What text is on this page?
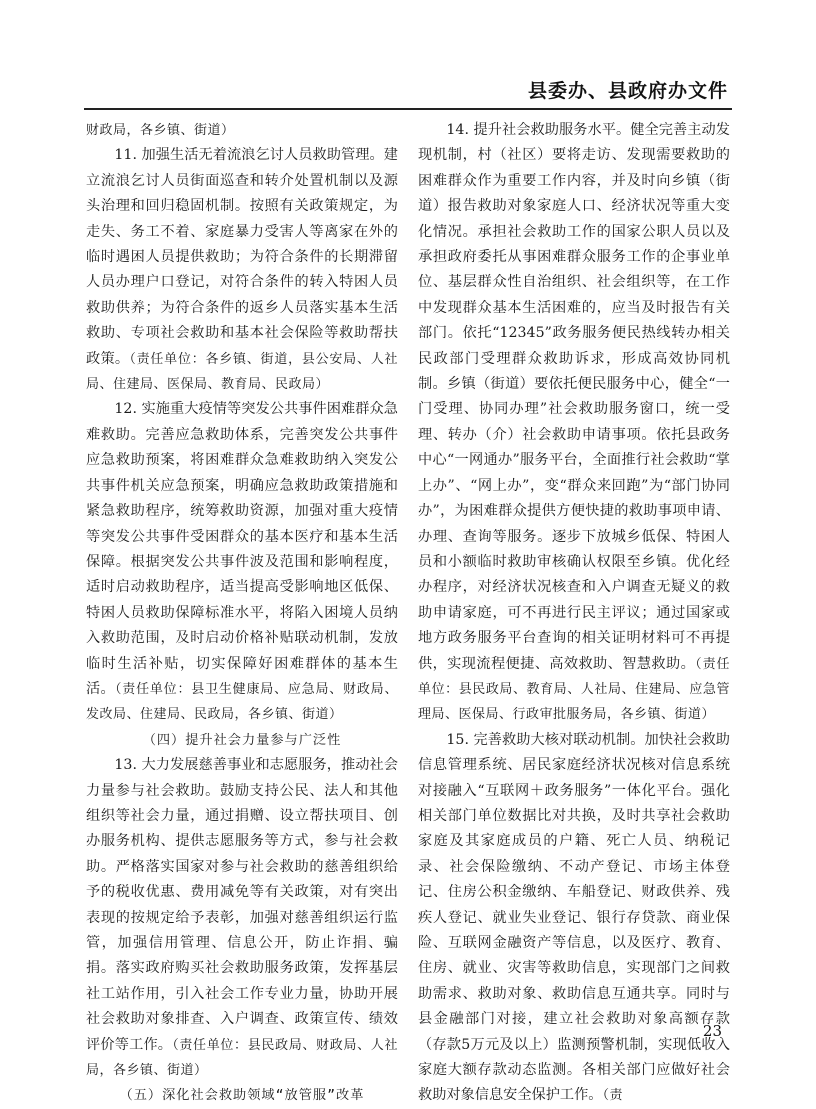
县委办、县政府办文件

财政局，各乡镇、街道）

11. 加强生活无着流浪乞讨人员救助管理。建立流浪乞讨人员街面巡查和转介处置机制以及源头治理和回归稳固机制。按照有关政策规定，为走失、务工不着、家庭暴力受害人等离家在外的临时遇困人员提供救助；为符合条件的长期滞留人员办理户口登记，对符合条件的转入特困人员救助供养；为符合条件的返乡人员落实基本生活救助、专项社会救助和基本社会保险等救助帮扶政策。（责任单位：各乡镇、街道，县公安局、人社局、住建局、医保局、教育局、民政局）

12. 实施重大疫情等突发公共事件困难群众急难救助。完善应急救助体系，完善突发公共事件应急救助预案，将困难群众急难救助纳入突发公共事件机关应急预案，明确应急救助政策措施和紧急救助程序，统筹救助资源，加强对重大疫情等突发公共事件受困群众的基本医疗和基本生活保障。根据突发公共事件波及范围和影响程度，适时启动救助程序，适当提高受影响地区低保、特困人员救助保障标准水平，将陷入困境人员纳入救助范围，及时启动价格补贴联动机制，发放临时生活补贴，切实保障好困难群体的基本生活。（责任单位：县卫生健康局、应急局、财政局、发改局、住建局、民政局，各乡镇、街道）

（四）提升社会力量参与广泛性

13. 大力发展慈善事业和志愿服务，推动社会力量参与社会救助。鼓励支持公民、法人和其他组织等社会力量，通过捐赠、设立帮扶项目、创办服务机构、提供志愿服务等方式，参与社会救助。严格落实国家对参与社会救助的慈善组织给予的税收优惠、费用减免等有关政策，对有突出表现的按规定给予表彰，加强对慈善组织运行监管，加强信用管理、信息公开，防止诈捐、骗捐。落实政府购买社会救助服务政策，发挥基层社工站作用，引入社会工作专业力量，协助开展社会救助对象排查、入户调查、政策宣传、绩效评价等工作。（责任单位：县民政局、财政局、人社局，各乡镇、街道）

（五）深化社会救助领域“放管服”改革

14. 提升社会救助服务水平。健全完善主动发现机制，村（社区）要将走访、发现需要救助的困难群众作为重要工作内容，并及时向乡镇（街道）报告救助对象家庭人口、经济状况等重大变化情况。承担社会救助工作的国家公职人员以及承担政府委托从事困难群众服务工作的企事业单位、基层群众性自治组织、社会组织等，在工作中发现群众基本生活困难的，应当及时报告有关部门。依托“12345”政务服务便民热线转办相关民政部门受理群众救助诉求，形成高效协同机制。乡镇（街道）要依托便民服务中心，健全“一门受理、协同办理”社会救助服务窗口，统一受理、转办（介）社会救助申请事项。依托县政务中心“一网通办”服务平台，全面推行社会救助“掌上办”、“网上办”，变“群众来回跑”为“部门协同办”，为困难群众提供方便快捷的救助事项申请、办理、查询等服务。逐步下放城乡低保、特困人员和小额临时救助审核确认权限至乡镇。优化经办程序，对经济状况核查和入户调查无疑义的救助申请家庭，可不再进行民主评议；通过国家或地方政务服务平台查询的相关证明材料可不再提供，实现流程便捷、高效救助、智慧救助。（责任单位：县民政局、教育局、人社局、住建局、应急管理局、医保局、行政审批服务局，各乡镇、街道）

15. 完善救助大核对联动机制。加快社会救助信息管理系统、居民家庭经济状况核对信息系统对接融入“互联网＋政务服务”一体化平台。强化相关部门单位数据比对共换，及时共享社会救助家庭及其家庭成员的户籍、死亡人员、纳税记录、社会保险缴纳、不动产登记、市场主体登记、住房公积金缴纳、车船登记、财政供养、残疾人登记、就业失业登记、银行存贷款、商业保险、互联网金融资产等信息，以及医疗、教育、住房、就业、灾害等救助信息，实现部门之间救助需求、救助对象、救助信息互通共享。同时与县金融部门对接，建立社会救助对象高额存款（存款5万元及以上）监测预警机制，实现低收入家庭大额存款动态监测。各相关部门应做好社会救助对象信息安全保护工作。（责

23
